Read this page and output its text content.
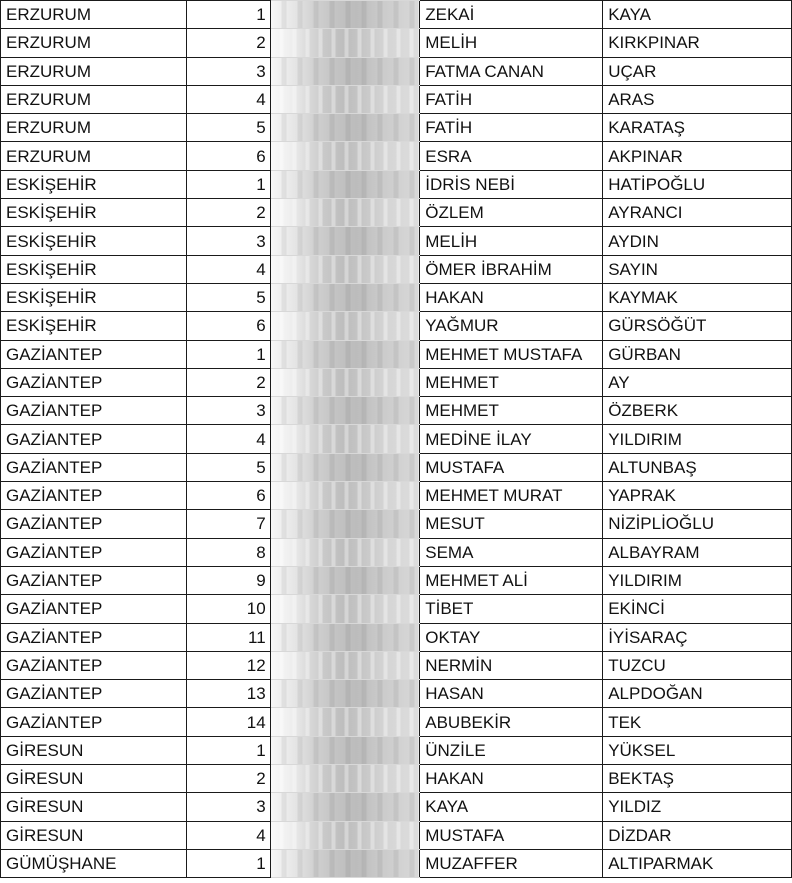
ERZURUM	1		ZEKAİ	KAYA
ERZURUM	2		MELİH	KIRKPINAR
ERZURUM	3		FATMA CANAN	UÇAR
ERZURUM	4		FATİH	ARAS
ERZURUM	5		FATİH	KARATAŞ
ERZURUM	6		ESRA	AKPINAR
ESKİŞEHİR	1		İDRİS NEBİ	HATİPOĞLU
ESKİŞEHİR	2		ÖZLEM	AYRANCI
ESKİŞEHİR	3		MELİH	AYDIN
ESKİŞEHİR	4		ÖMER İBRAHİM	SAYIN
ESKİŞEHİR	5		HAKAN	KAYMAK
ESKİŞEHİR	6		YAĞMUR	GÜRSÖĞÜT
GAZİANTEP	1		MEHMET MUSTAFA	GÜRBAN
GAZİANTEP	2		MEHMET	AY
GAZİANTEP	3		MEHMET	ÖZBERK
GAZİANTEP	4		MEDİNE İLAY	YILDIRIM
GAZİANTEP	5		MUSTAFA	ALTUNBAŞ
GAZİANTEP	6		MEHMET MURAT	YAPRAK
GAZİANTEP	7		MESUT	NİZİPLİOĞLU
GAZİANTEP	8		SEMA	ALBAYRAM
GAZİANTEP	9		MEHMET ALİ	YILDIRIM
GAZİANTEP	10		TİBET	EKİNCİ
GAZİANTEP	11		OKTAY	İYİSARAÇ
GAZİANTEP	12		NERMİN	TUZCU
GAZİANTEP	13		HASAN	ALPDOĞAN
GAZİANTEP	14		ABUBEKİR	TEK
GİRESUN	1		ÜNZİLE	YÜKSEL
GİRESUN	2		HAKAN	BEKTAŞ
GİRESUN	3		KAYA	YILDIZ
GİRESUN	4		MUSTAFA	DİZDAR
GÜMÜŞHANE	1		MUZAFFER	ALTIPARMAK
